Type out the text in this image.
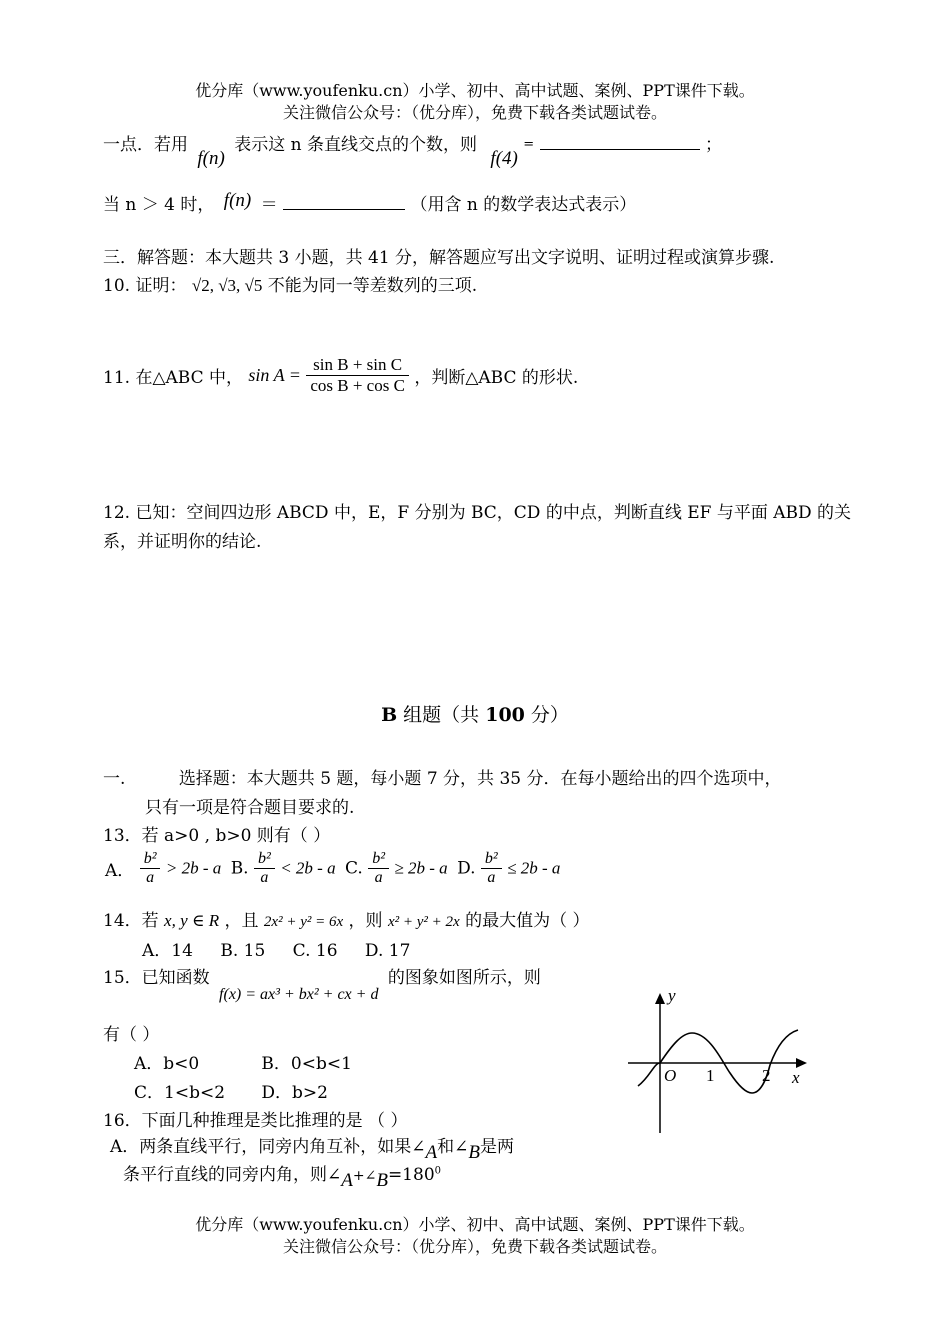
优分库（www.youfenku.cn）小学、初中、高中试题、案例、PPT课件下载。
关注微信公众号：（优分库），免费下载各类试题试卷。
一点．若用 f(n) 表示这 n 条直线交点的个数，则 f(4) =	；
当 n ＞ 4 时， f(n) ＝	（用含 n 的数学表达式表示）
三．解答题：本大题共 3 小题，共 41 分，解答题应写出文字说明、证明过程或演算步骤.
10. 证明： √2, √3, √5 不能为同一等差数列的三项.
11. 在△ABC 中， $\sin A = \frac{\text{sin B + sin C}}{\text{cos B + cos C}}$ ，判断△ABC 的形状.
12. 已知：空间四边形 ABCD 中，E，F 分别为 BC，CD 的中点，判断直线 EF 与平面 ABD 的关
系，并证明你的结论.
B 组题（共 100 分）
一.	选择题：本大题共 5 题，每小题 7 分，共 35 分．在每小题给出的四个选项中，
只有一项是符合题目要求的.
13．若 a>0 , b>0 则有（ ）
A． $\frac{\text{b²}}{a} > 2b - a$ B. $\frac{\text{b²}}{a} < 2b - a$ C. $\frac{\text{b²}}{a} \ge 2b - a$ D. $\frac{\text{b²}}{a} \le 2b - a$
14．若 x, y ∈ R ，且 2x² + y² = 6x ，则 x² + y² + 2x 的最大值为（ ）
A．14 B. 15 C. 16 D. 17
15．已知函数 f(x) = ax³ + bx² + cx + d 的图象如图所示，则
有（ ）
A．b<0	B．0<b<1
C．1<b<2 D．b>2
y
x
O 1	2
16．下面几种推理是类比推理的是 （ ）
A．两条直线平行，同旁内角互补，如果∠A和∠B是两
条平行直线的同旁内角，则$\angle A+\angle B=180^0$
优分库（www.youfenku.cn）小学、初中、高中试题、案例、PPT课件下载。
关注微信公众号：（优分库），免费下载各类试题试卷。
